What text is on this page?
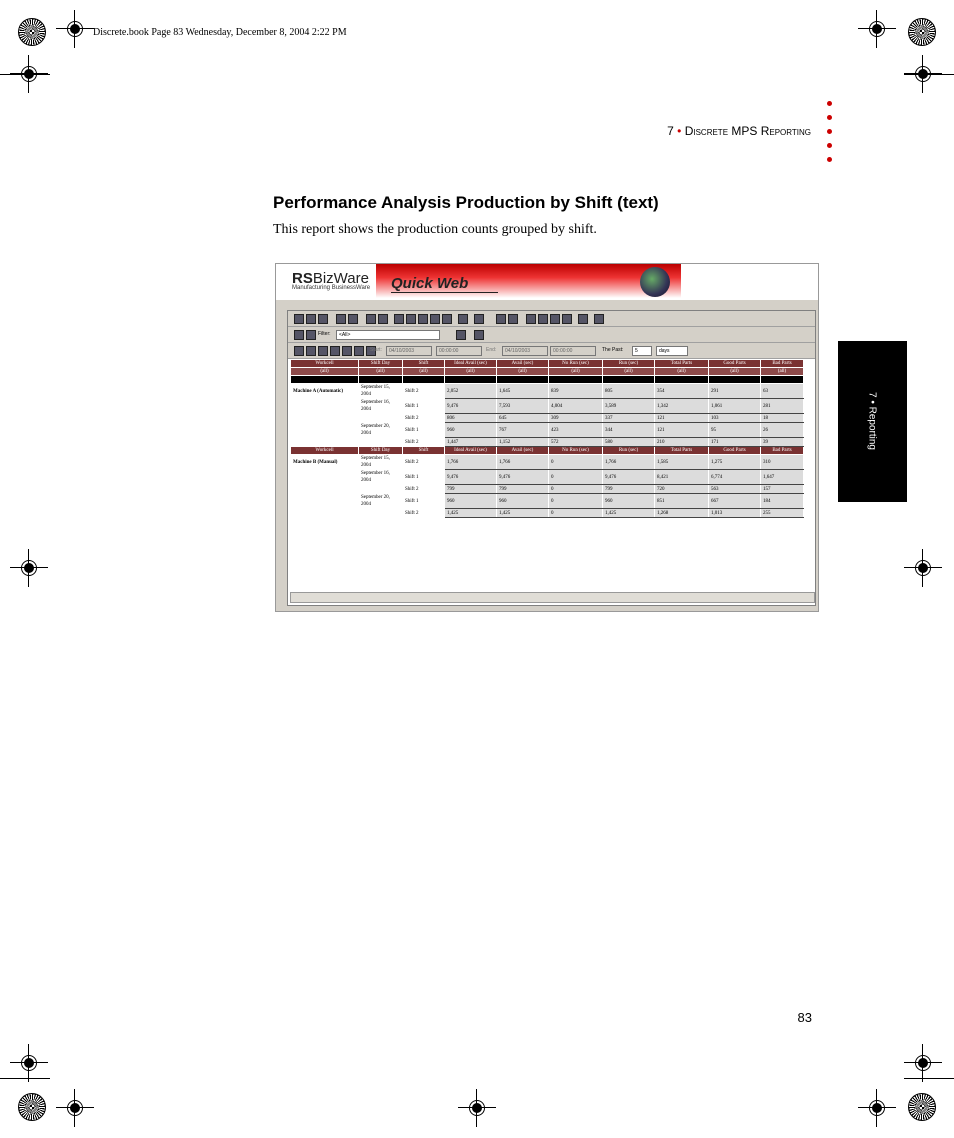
Discrete.book Page 83 Wednesday, December 8, 2004 2:22 PM
7 • Discrete MPS Reporting
7 • Reporting
Performance Analysis Production by Shift (text)
This report shows the production counts grouped by shift.
RSBizWare
Manufacturing BusinessWare Quick Web
Filter:	<All>
Start:	04/10/2003	00:00:00	End:	04/10/2003	00:00:00	The Past:	5	days
Workcell	Shift Day	Shift	Ideal Avail (sec)	Avail (sec)	No Run (sec)	Run (sec)	Total Parts	Good Parts	Bad Parts
(all)	(all)	(all)	(all)	(all)	(all)	(all)	(all)	(all)	(all)

Machine A (Automatic)	September 15, 2004	Shift 2	2,052	1,645	839	805	354	291	63
	September 16, 2004	Shift 1	9,476	7,593	4,004	3,589	1,342	1,061	281
		Shift 2	806	645	309	337	121	103	18
	September 20, 2004	Shift 1	960	767	423	344	121	95	26
		Shift 2	1,447	1,152	572	580	210	171	39
Workcell	Shift Day	Shift	Ideal Avail (sec)	Avail (sec)	No Run (sec)	Run (sec)	Total Parts	Good Parts	Bad Parts
Machine B (Manual)	September 15, 2004	Shift 2	1,766	1,766	0	1,766	1,585	1,275	310
	September 16, 2004	Shift 1	9,476	9,476	0	9,476	8,421	6,774	1,647
		Shift 2	799	799	0	799	720	563	157
	September 20, 2004	Shift 1	960	960	0	960	851	667	184
		Shift 2	1,425	1,425	0	1,425	1,268	1,013	255
83
